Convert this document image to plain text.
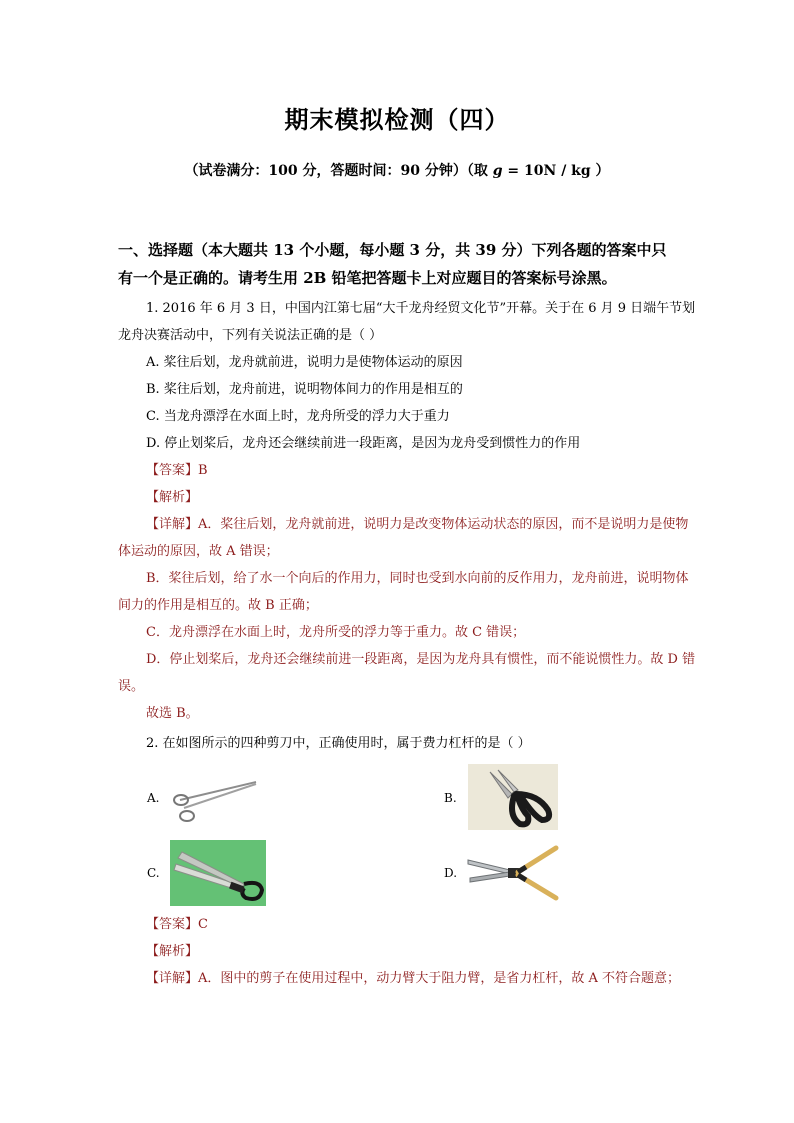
期末模拟检测（四）
（试卷满分：100 分，答题时间：90 分钟）（取 g = 10N / kg ）
一、选择题（本大题共 13 个小题，每小题 3 分，共 39 分）下列各题的答案中只有一个是正确的。请考生用 2B 铅笔把答题卡上对应题目的答案标号涂黑。
1. 2016 年 6 月 3 日，中国内江第七届“大千龙舟经贸文化节”开幕。关于在 6 月 9 日端午节划龙舟决赛活动中，下列有关说法正确的是（ ）
A. 桨往后划，龙舟就前进，说明力是使物体运动的原因
B. 桨往后划，龙舟前进，说明物体间力的作用是相互的
C. 当龙舟漂浮在水面上时，龙舟所受的浮力大于重力
D. 停止划桨后，龙舟还会继续前进一段距离，是因为龙舟受到惯性力的作用
【答案】B
【解析】
【详解】A．桨往后划，龙舟就前进，说明力是改变物体运动状态的原因，而不是说明力是使物体运动的原因，故 A 错误；
B．桨往后划，给了水一个向后的作用力，同时也受到水向前的反作用力，龙舟前进，说明物体间力的作用是相互的。故 B 正确；
C．龙舟漂浮在水面上时，龙舟所受的浮力等于重力。故 C 错误；
D．停止划桨后，龙舟还会继续前进一段距离，是因为龙舟具有惯性，而不能说惯性力。故 D 错误。
故选 B。
2. 在如图所示的四种剪刀中，正确使用时，属于费力杠杆的是（ ）
A.	B.
C.	D.
【答案】C
【解析】
【详解】A．图中的剪子在使用过程中，动力臂大于阻力臂，是省力杠杆，故 A 不符合题意；
